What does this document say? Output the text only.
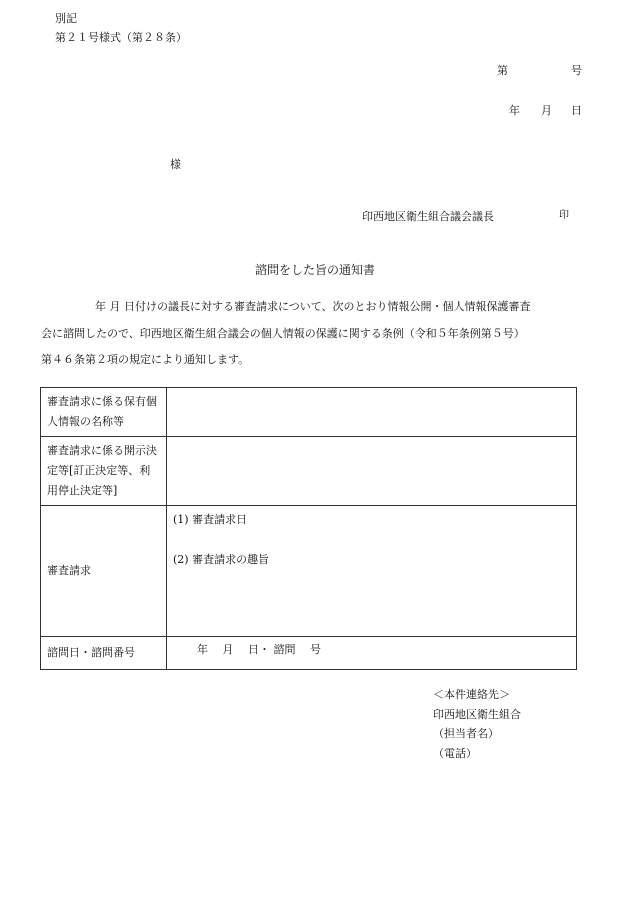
別記
第２１号様式（第２８条）
第	号
年 月 日
様
印西地区衛生組合議会議長	印
諮問をした旨の通知書
年 月 日付けの議長に対する審査請求について、次のとおり情報公開・個人情報保護審査
会に諮問したので、印西地区衛生組合議会の個人情報の保護に関する条例（令和５年条例第５号）
第４６条第２項の規定により通知します。
審査請求に係る保有個人情報の名称等	
審査請求に係る開示決定等[訂正決定等、利用停止決定等]	
審査請求	(1) 審査請求日
(2) 審査請求の趣旨

諮問日・諮問番号	年　 月　 日・ 諮問　 号
＜本件連絡先＞
印西地区衛生組合
（担当者名）
（電話）
